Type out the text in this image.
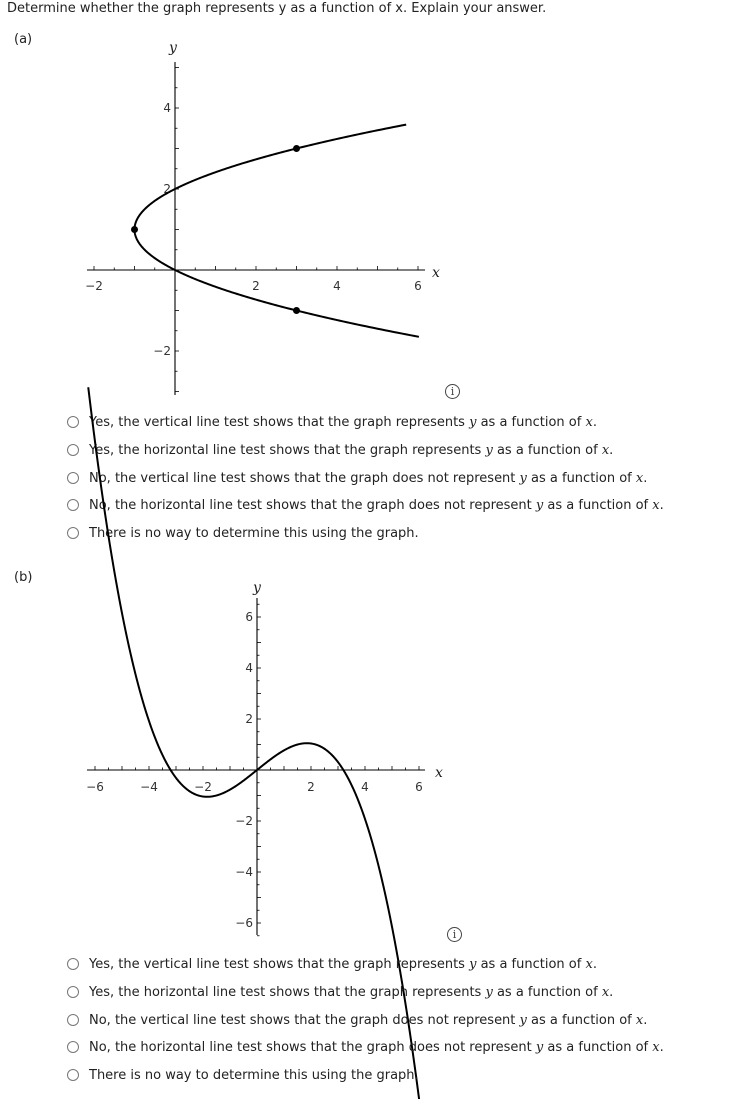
Determine whether the graph represents y as a function of x. Explain your answer.
(a)
−2	2	4	6
−2
2
4
x
y
i
Yes, the vertical line test shows that the graph represents y as a function of x.
Yes, the horizontal line test shows that the graph represents y as a function of x.
No, the vertical line test shows that the graph does not represent y as a function of x.
No, the horizontal line test shows that the graph does not represent y as a function of x.
There is no way to determine this using the graph.
(b)
−6	−4	−2	2	4	6
−6
−4
−2
2
4
6
x
y
i
Yes, the vertical line test shows that the graph represents y as a function of x.
Yes, the horizontal line test shows that the graph represents y as a function of x.
No, the vertical line test shows that the graph does not represent y as a function of x.
No, the horizontal line test shows that the graph does not represent y as a function of x.
There is no way to determine this using the graph.
